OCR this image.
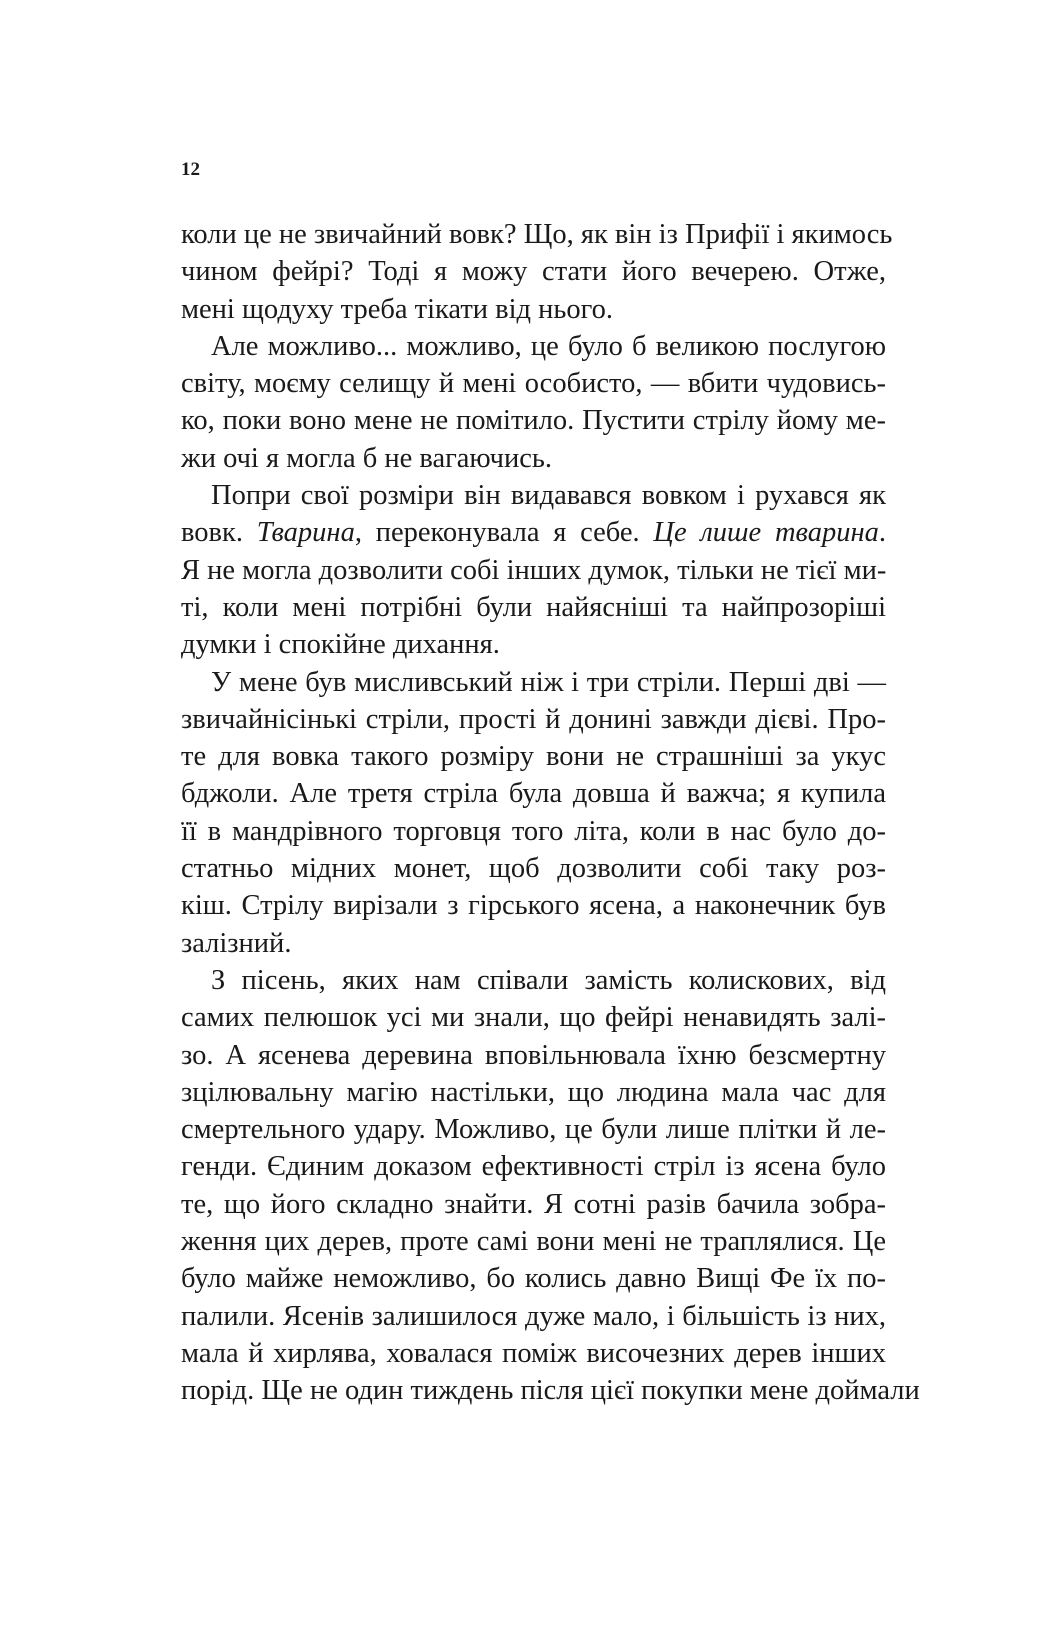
12
коли це не звичайний вовк? Що, як він із Прифії і якимось
чином фейрі? Тоді я можу стати його вечерею. Отже,
мені щодуху треба тікати від нього.
Але можливо... можливо, це було б великою послугою
світу, моєму селищу й мені особисто, — вбити чудовись-
ко, поки воно мене не помітило. Пустити стрілу йому ме-
жи очі я могла б не вагаючись.
Попри свої розміри він видавався вовком і рухався як
вовк. Тварина, переконувала я себе. Це лише тварина.
Я не могла дозволити собі інших думок, тільки не тієї ми-
ті, коли мені потрібні були найясніші та найпрозоріші
думки і спокійне дихання.
У мене був мисливський ніж і три стріли. Перші дві —
звичайнісінькі стріли, прості й донині завжди дієві. Про-
те для вовка такого розміру вони не страшніші за укус
бджоли. Але третя стріла була довша й важча; я купила
її в мандрівного торговця того літа, коли в нас було до-
статньо мідних монет, щоб дозволити собі таку роз-
кіш. Стрілу вирізали з гірського ясена, а наконечник був
залізний.
З пісень, яких нам співали замість колискових, від
самих пелюшок усі ми знали, що фейрі ненавидять залі-
зо. А ясенева деревина вповільнювала їхню безсмертну
зцілювальну магію настільки, що людина мала час для
смертельного удару. Можливо, це були лише плітки й ле-
генди. Єдиним доказом ефективності стріл із ясена було
те, що його складно знайти. Я сотні разів бачила зобра-
ження цих дерев, проте самі вони мені не траплялися. Це
було майже неможливо, бо колись давно Вищі Фе їх по-
палили. Ясенів залишилося дуже мало, і більшість із них,
мала й хирлява, ховалася поміж височезних дерев інших
порід. Ще не один тиждень після цієї покупки мене доймали
